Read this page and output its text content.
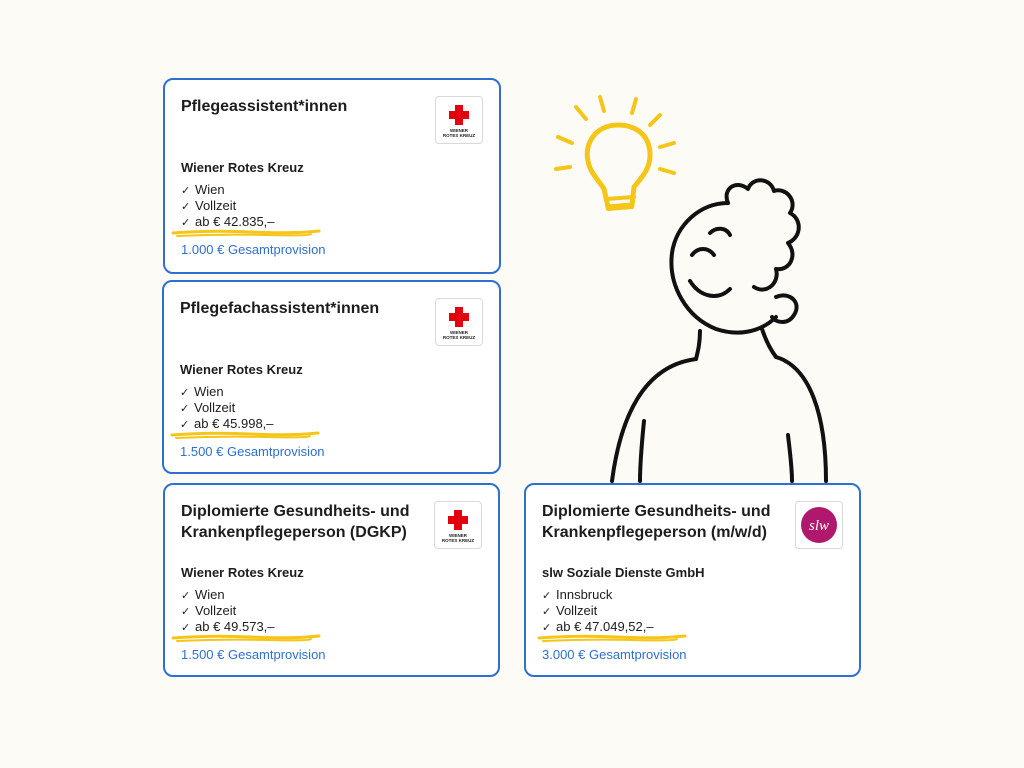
Pflegeassistent*innen
WIENER
ROTES KREUZ
Wiener Rotes Kreuz
✓ Wien
✓ Vollzeit
✓ ab € 42.835,–
1.000 € Gesamtprovision
Pflegefachassistent*innen
WIENER
ROTES KREUZ
Wiener Rotes Kreuz
✓ Wien
✓ Vollzeit
✓ ab € 45.998,–
1.500 € Gesamtprovision
Diplomierte Gesundheits- und Krankenpflegeperson (DGKP)	WIENER
ROTES KREUZ
Wiener Rotes Kreuz
✓ Wien
✓ Vollzeit
✓ ab € 49.573,–
1.500 € Gesamtprovision
Diplomierte Gesundheits- und Krankenpflegeperson (m/w/d)	slw
slw Soziale Dienste GmbH
✓ Innsbruck
✓ Vollzeit
✓ ab € 47.049,52,–
3.000 € Gesamtprovision
